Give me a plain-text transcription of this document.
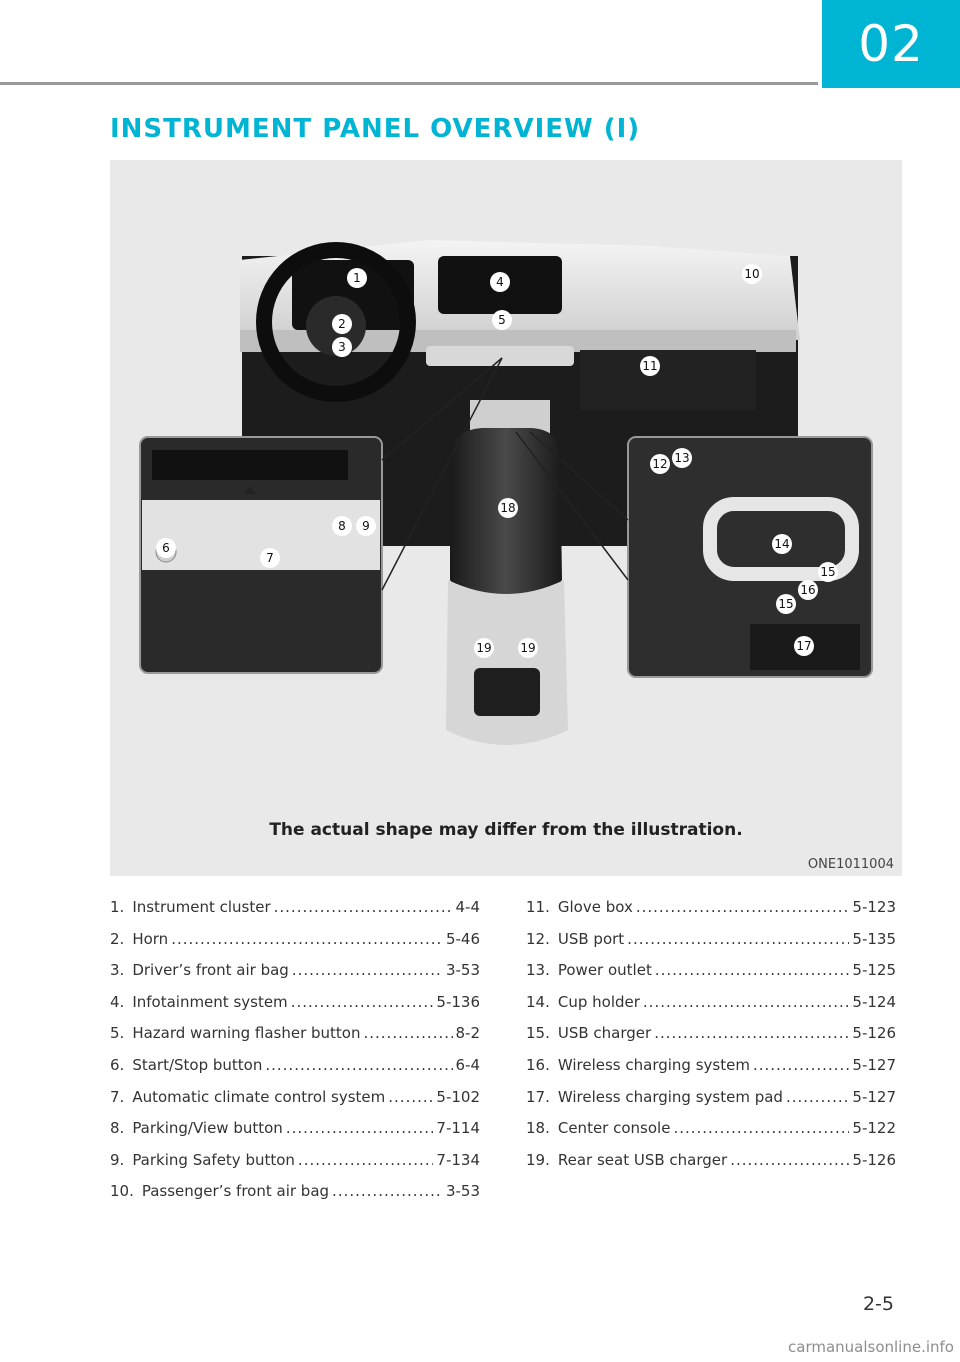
02
INSTRUMENT PANEL OVERVIEW (I)
1
2
3
4
5
6
7
8 9
10
11
12 13
14
15
15
16
17
18
19 19
The actual shape may differ from the illustration.
ONE1011004
1. Instrument cluster .....	4-4
2. Horn .....	5-46
3. Driver’s front air bag .....	3-53
4. Infotainment system .....	5-136
5. Hazard warning flasher button .....	8-2
6. Start/Stop button .....	6-4
7. Automatic climate control system .....	5-102
8. Parking/View button .....	7-114
9. Parking Safety button .....	7-134
10. Passenger’s front air bag .....	3-53
11. Glove box .....	5-123
12. USB port .....	5-135
13. Power outlet .....	5-125
14. Cup holder .....	5-124
15. USB charger .....	5-126
16. Wireless charging system .....	5-127
17. Wireless charging system pad .....	5-127
18. Center console .....	5-122
19. Rear seat USB charger .....	5-126
2-5
carmanualsonline.info
